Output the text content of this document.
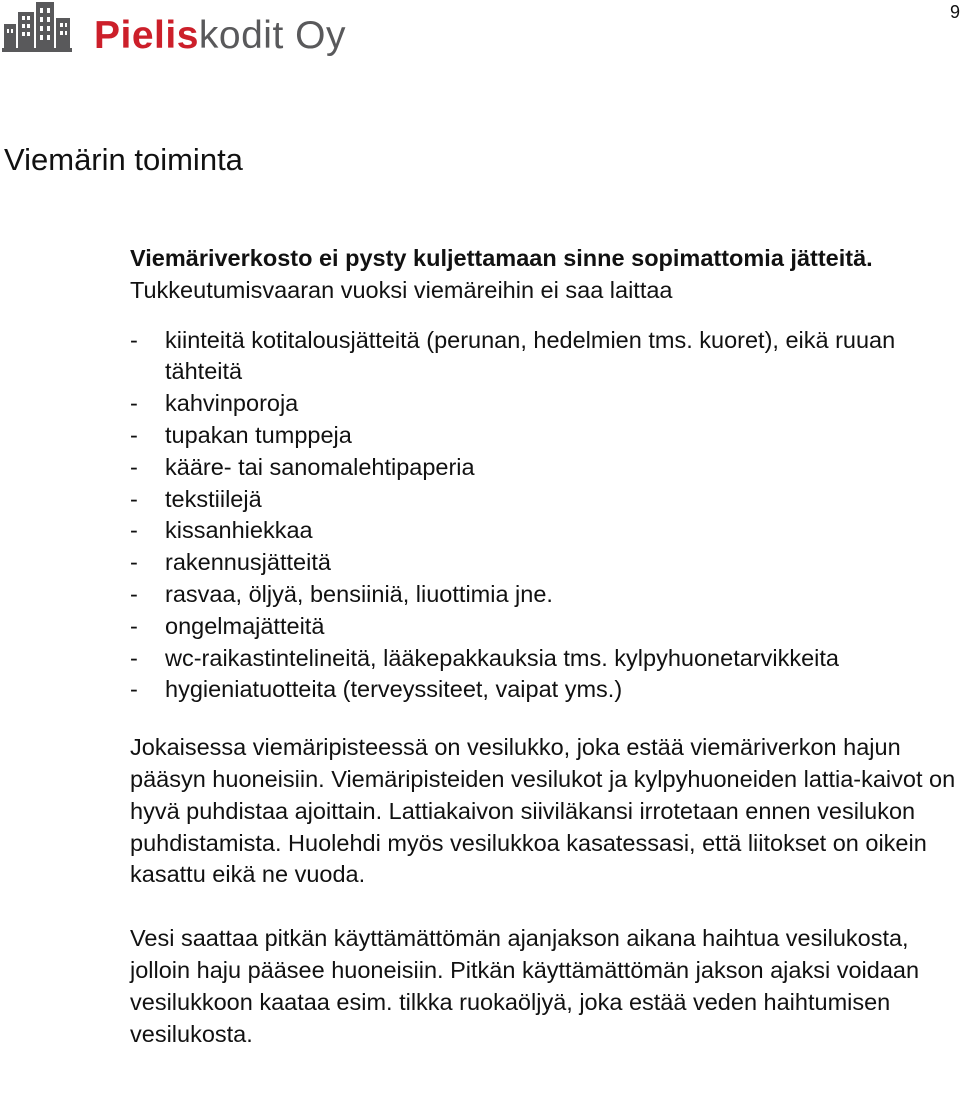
Pieliskodit Oy
9
Viemärin toiminta

Viemäriverkosto ei pysty kuljettamaan sinne sopimattomia jätteitä. Tukkeutumisvaaran vuoksi viemäreihin ei saa laittaa

- kiinteitä kotitalousjätteitä (perunan, hedelmien tms. kuoret), eikä ruuan tähteitä
- kahvinporoja
- tupakan tumppeja
- kääre- tai sanomalehtipaperia
- tekstiilejä
- kissanhiekkaa
- rakennusjätteitä
- rasvaa, öljyä, bensiiniä, liuottimia jne.
- ongelmajätteitä
- wc-raikastintelineitä, lääkepakkauksia tms. kylpyhuonetarvikkeita
- hygieniatuotteita (terveyssiteet, vaipat yms.)

Jokaisessa viemäripisteessä on vesilukko, joka estää viemäriverkon hajun pääsyn huoneisiin. Viemäripisteiden vesilukot ja kylpyhuoneiden lattia-kaivot on hyvä puhdistaa ajoittain. Lattiakaivon siiviläkansi irrotetaan ennen vesilukon puhdistamista. Huolehdi myös vesilukkoa kasatessasi, että liitokset on oikein kasattu eikä ne vuoda.

Vesi saattaa pitkän käyttämättömän ajanjakson aikana haihtua vesilukosta, jolloin haju pääsee huoneisiin. Pitkän käyttämättömän jakson ajaksi voidaan vesilukkoon kaatаa esim. tilkka ruokaöljyä, joka estää veden haihtumisen vesilukosta.
